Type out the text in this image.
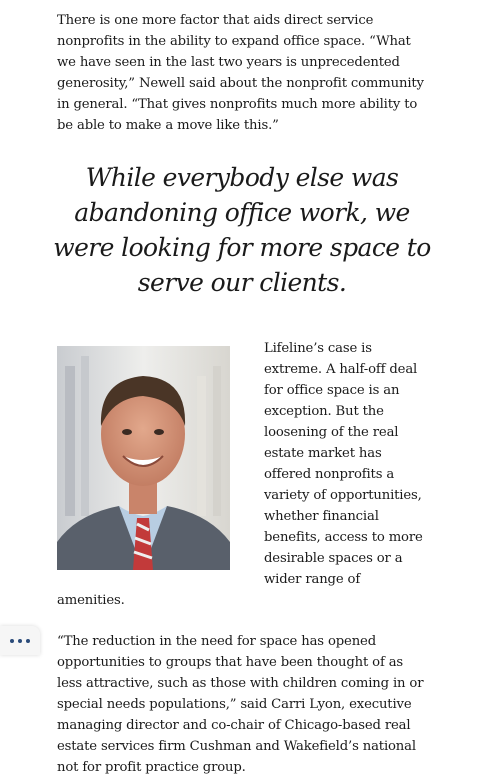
There is one more factor that aids direct service nonprofits in the ability to expand office space. “What we have seen in the last two years is unprecedented generosity,” Newell said about the nonprofit community in general. “That gives nonprofits much more ability to be able to make a move like this.”

While everybody else was abandoning office work, we were looking for more space to serve our clients.

Lifeline’s case is extreme. A half-off deal for office space is an exception. But the loosening of the real estate market has offered nonprofits a variety of opportunities, whether financial benefits, access to more desirable spaces or a wider range of amenities.

“The reduction in the need for space has opened opportunities to groups that have been thought of as less attractive, such as those with children coming in or special needs populations,” said Carri Lyon, executive managing director and co-chair of Chicago-based real estate services firm Cushman and Wakefield’s national not for profit practice group.
